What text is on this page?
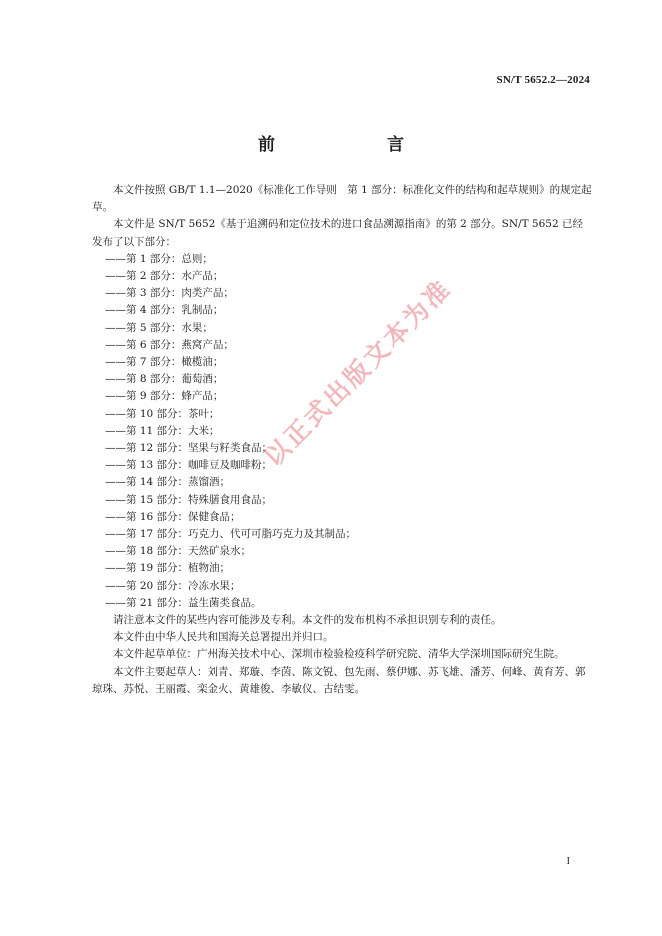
SN/T 5652.2—2024
前　　言

本文件按照 GB/T 1.1—2020《标准化工作导则　第 1 部分：标准化文件的结构和起草规则》的规定起草。

本文件是 SN/T 5652《基于追溯码和定位技术的进口食品溯源指南》的第 2 部分。SN/T 5652 已经发布了以下部分：

——第 1 部分：总则；
——第 2 部分：水产品；
——第 3 部分：肉类产品；
——第 4 部分：乳制品；
——第 5 部分：水果；
——第 6 部分：燕窝产品；
——第 7 部分：橄榄油；
——第 8 部分：葡萄酒；
——第 9 部分：蜂产品；
——第 10 部分：茶叶；
——第 11 部分：大米；
——第 12 部分：坚果与籽类食品；
——第 13 部分：咖啡豆及咖啡粉；
——第 14 部分：蒸馏酒；
——第 15 部分：特殊膳食用食品；
——第 16 部分：保健食品；
——第 17 部分：巧克力、代可可脂巧克力及其制品；
——第 18 部分：天然矿泉水；
——第 19 部分：植物油；
——第 20 部分：冷冻水果；
——第 21 部分：益生菌类食品。

请注意本文件的某些内容可能涉及专利。本文件的发布机构不承担识别专利的责任。

本文件由中华人民共和国海关总署提出并归口。

本文件起草单位：广州海关技术中心、深圳市检验检疫科学研究院、清华大学深圳国际研究生院。

本文件主要起草人：刘青、郑璇、李茵、陈文锐、包先雨、蔡伊娜、苏飞雄、潘芳、何峰、黄育芳、郭琼珠、苏悦、王丽霞、栾金火、黄雄俊、李敏仪、古结雯。

以正式出版文本为准
I
